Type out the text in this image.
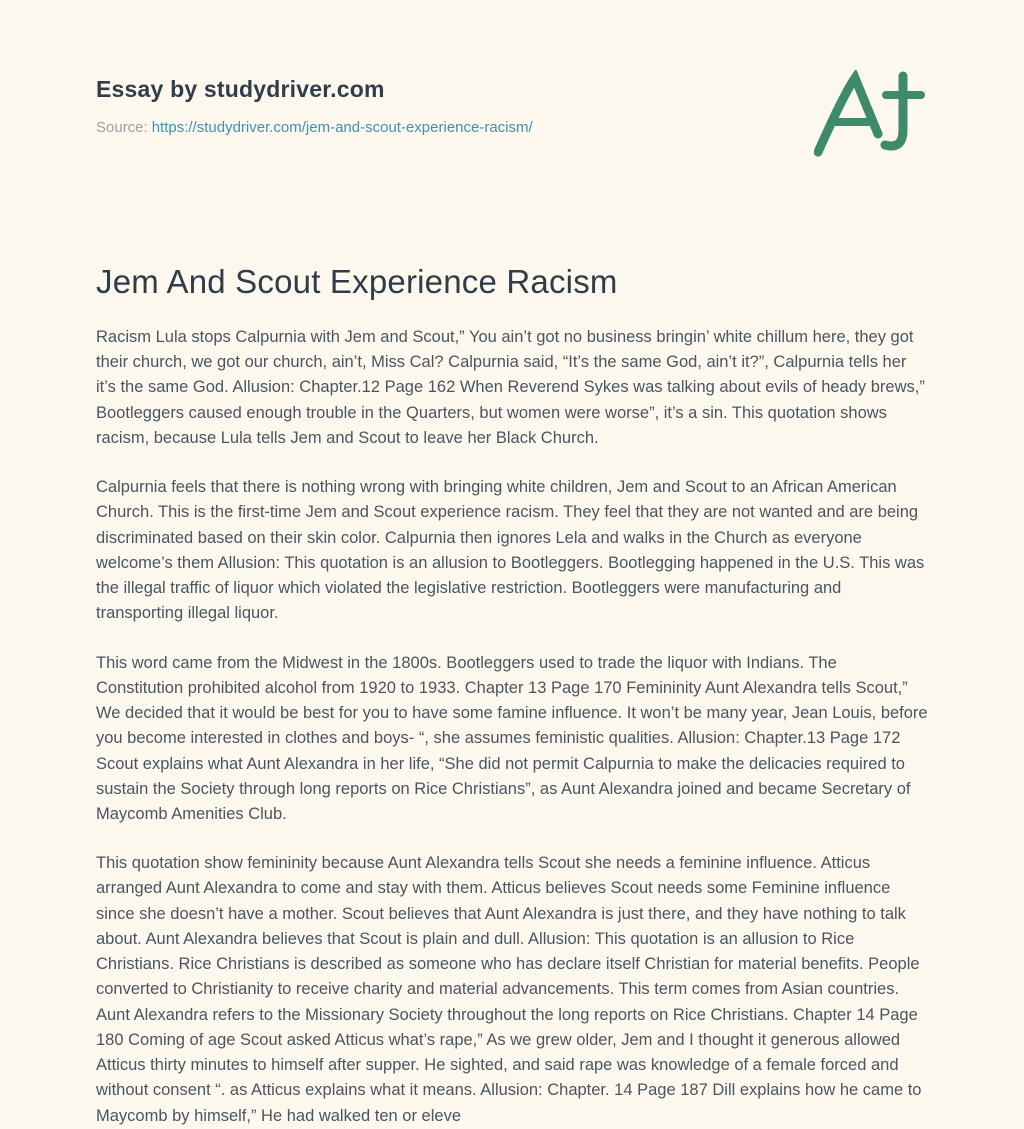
Essay by studydriver.com

Source: https://studydriver.com/jem-and-scout-experience-racism/

Jem And Scout Experience Racism

Racism Lula stops Calpurnia with Jem and Scout,” You ain’t got no business bringin’ white chillum here, they got their church, we got our church, ain’t, Miss Cal? Calpurnia said, “It’s the same God, ain’t it?”, Calpurnia tells her it’s the same God. Allusion: Chapter.12 Page 162 When Reverend Sykes was talking about evils of heady brews,” Bootleggers caused enough trouble in the Quarters, but women were worse”, it’s a sin. This quotation shows racism, because Lula tells Jem and Scout to leave her Black Church.

Calpurnia feels that there is nothing wrong with bringing white children, Jem and Scout to an African American Church. This is the first-time Jem and Scout experience racism. They feel that they are not wanted and are being discriminated based on their skin color. Calpurnia then ignores Lela and walks in the Church as everyone welcome’s them Allusion: This quotation is an allusion to Bootleggers. Bootlegging happened in the U.S. This was the illegal traffic of liquor which violated the legislative restriction. Bootleggers were manufacturing and transporting illegal liquor.

This word came from the Midwest in the 1800s. Bootleggers used to trade the liquor with Indians. The Constitution prohibited alcohol from 1920 to 1933. Chapter 13 Page 170 Femininity Aunt Alexandra tells Scout,” We decided that it would be best for you to have some famine influence. It won’t be many year, Jean Louis, before you become interested in clothes and boys- “, she assumes feministic qualities. Allusion: Chapter.13 Page 172 Scout explains what Aunt Alexandra in her life, “She did not permit Calpurnia to make the delicacies required to sustain the Society through long reports on Rice Christians”, as Aunt Alexandra joined and became Secretary of Maycomb Amenities Club.

This quotation show femininity because Aunt Alexandra tells Scout she needs a feminine influence. Atticus arranged Aunt Alexandra to come and stay with them. Atticus believes Scout needs some Feminine influence since she doesn’t have a mother. Scout believes that Aunt Alexandra is just there, and they have nothing to talk about. Aunt Alexandra believes that Scout is plain and dull. Allusion: This quotation is an allusion to Rice Christians. Rice Christians is described as someone who has declare itself Christian for material benefits. People converted to Christianity to receive charity and material advancements. This term comes from Asian countries. Aunt Alexandra refers to the Missionary Society throughout the long reports on Rice Christians. Chapter 14 Page 180 Coming of age Scout asked Atticus what’s rape,” As we grew older, Jem and I thought it generous allowed Atticus thirty minutes to himself after supper. He sighted, and said rape was knowledge of a female forced and without consent “. as Atticus explains what it means. Allusion: Chapter. 14 Page 187 Dill explains how he came to Maycomb by himself,” He had walked ten or eleve
